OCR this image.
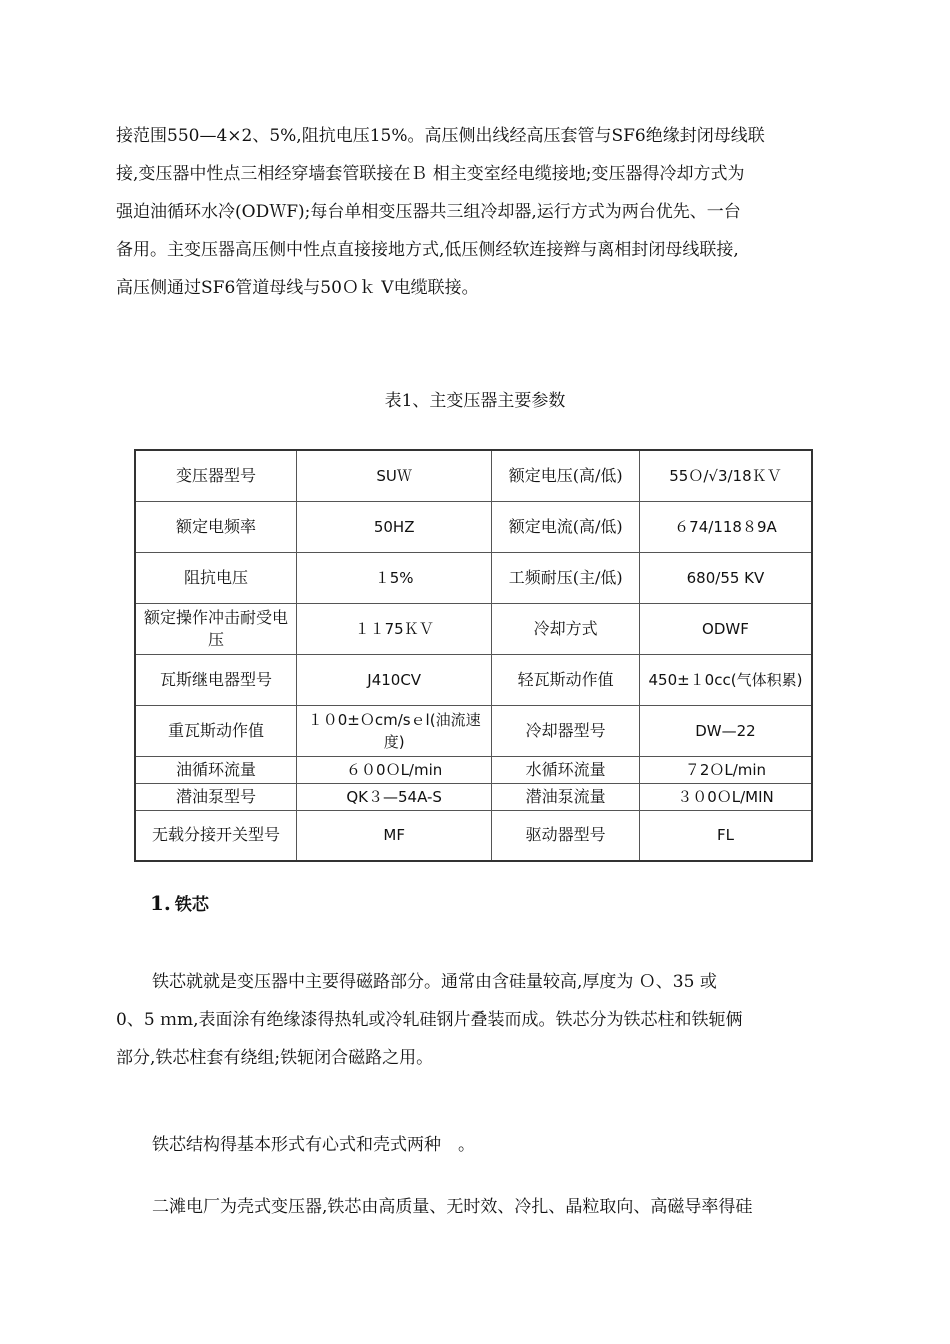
接范围550—4×2、5%,阻抗电压15%。高压侧出线经高压套管与SF6绝缘封闭母线联
接,变压器中性点三相经穿墙套管联接在Ｂ 相主变室经电缆接地;变压器得冷却方式为
强迫油循环水冷(ODＷF);每台单相变压器共三组冷却器,运行方式为两台优先、一台
备用。主变压器高压侧中性点直接接地方式,低压侧经软连接辫与离相封闭母线联接,
高压侧通过SF6管道母线与50Ｏｋ V电缆联接。
表1、主变压器主要参数
变压器型号	SUＷ	额定电压(高/低)	55Ｏ/√3/18ＫＶ
额定电频率	50HZ	额定电流(高/低)	６74/118８9A
阻抗电压	１5%	工频耐压(主/低)	680/55 KV
额定操作冲击耐受电压	１１75ＫＶ	冷却方式	ODWF
瓦斯继电器型号	J410CV	轻瓦斯动作值	450±１0cc(气体积累)
重瓦斯动作值	１０0±Ｏcm/sｅl(油流速度)	冷却器型号	DW—22
油循环流量	６０0ＯL/min	水循环流量	７2ＯL/min
潜油泵型号	QK３—54A-S	潜油泵流量	３０0ＯL/MIN
无载分接开关型号	MF	驱动器型号	FL
1. 铁芯
铁芯就就是变压器中主要得磁路部分。通常由含硅量较高,厚度为 Ｏ、35 或
0、5 ｍm,表面涂有绝缘漆得热轧或冷轧硅钢片叠装而成。铁芯分为铁芯柱和铁轭俩
部分,铁芯柱套有绕组;铁轭闭合磁路之用。
铁芯结构得基本形式有心式和壳式两种　。
二滩电厂为壳式变压器,铁芯由高质量、无时效、冷扎、晶粒取向、高磁导率得硅
